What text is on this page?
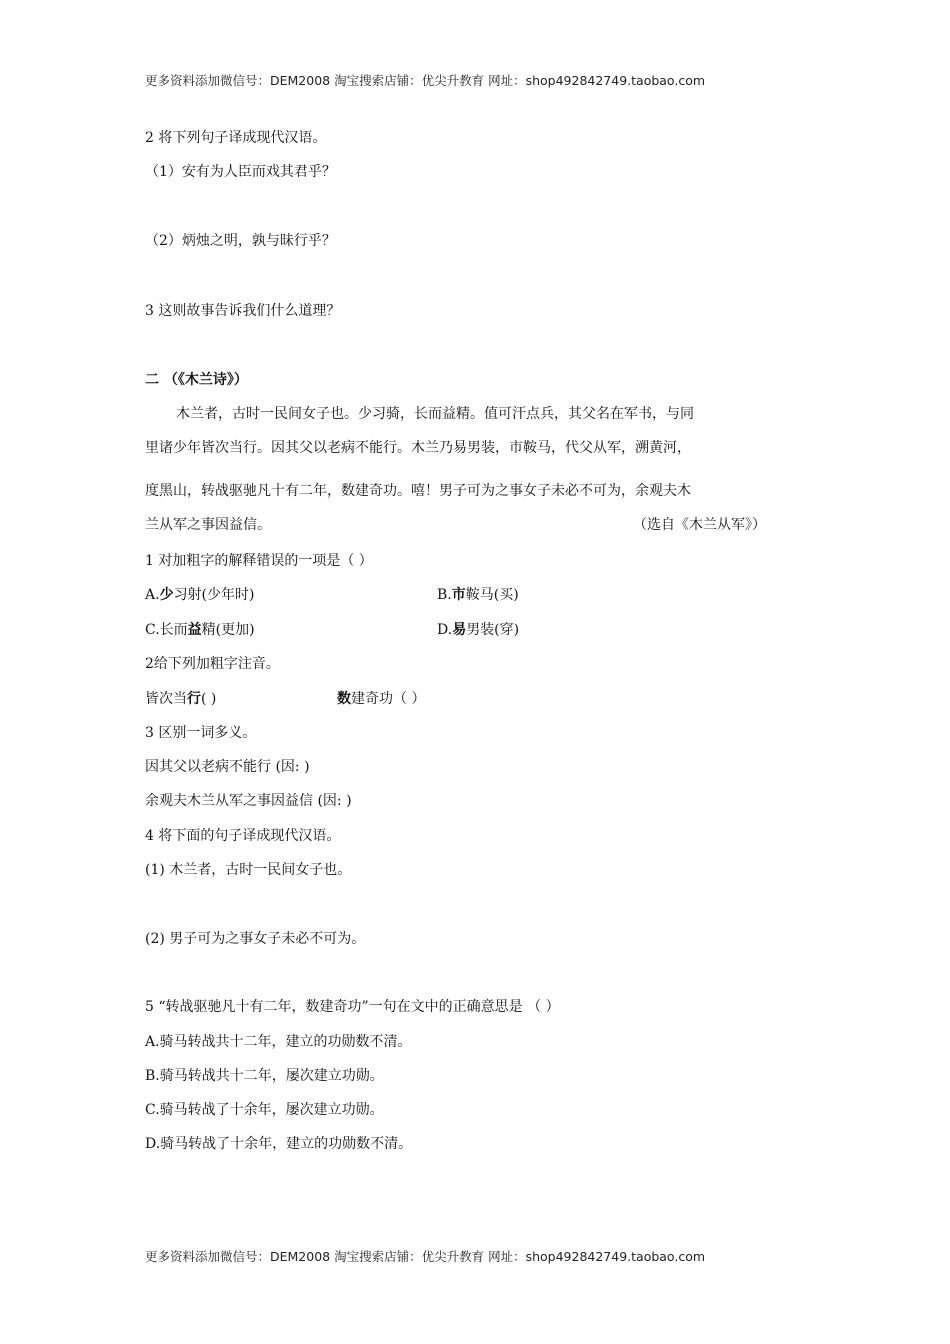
更多资料添加微信号：DEM2008 淘宝搜索店铺：优尖升教育 网址：shop492842749.taobao.com
2 将下列句子译成现代汉语。
（1）安有为人臣而戏其君乎？
（2）炳烛之明，孰与昧行乎？
3 这则故事告诉我们什么道理？
二 （《木兰诗》）
木兰者，古时一民间女子也。少习骑，长而益精。值可汗点兵，其父名在军书，与同
里诸少年皆次当行。因其父以老病不能行。木兰乃易男装，市鞍马，代父从军，溯黄河，
度黑山，转战驱驰凡十有二年，数建奇功。嘻！男子可为之事女子未必不可为，余观夫木
兰从军之事因益信。	（选自《木兰从军》）
1 对加粗字的解释错误的一项是（ ）
A.少习射(少年时)	B.市鞍马(买)
C.长而益精(更加)	D.易男装(穿)
2给下列加粗字注音。
皆次当行( )	数建奇功（ ）
3 区别一词多义。
因其父以老病不能行 (因: )
余观夫木兰从军之事因益信 (因: )
4 将下面的句子译成现代汉语。
(1) 木兰者，古时一民间女子也。
(2) 男子可为之事女子未必不可为。
5 “转战驱驰凡十有二年，数建奇功”一句在文中的正确意思是 （ ）
A.骑马转战共十二年，建立的功勋数不清。
B.骑马转战共十二年，屡次建立功勋。
C.骑马转战了十余年，屡次建立功勋。
D.骑马转战了十余年，建立的功勋数不清。
更多资料添加微信号：DEM2008 淘宝搜索店铺：优尖升教育 网址：shop492842749.taobao.com
